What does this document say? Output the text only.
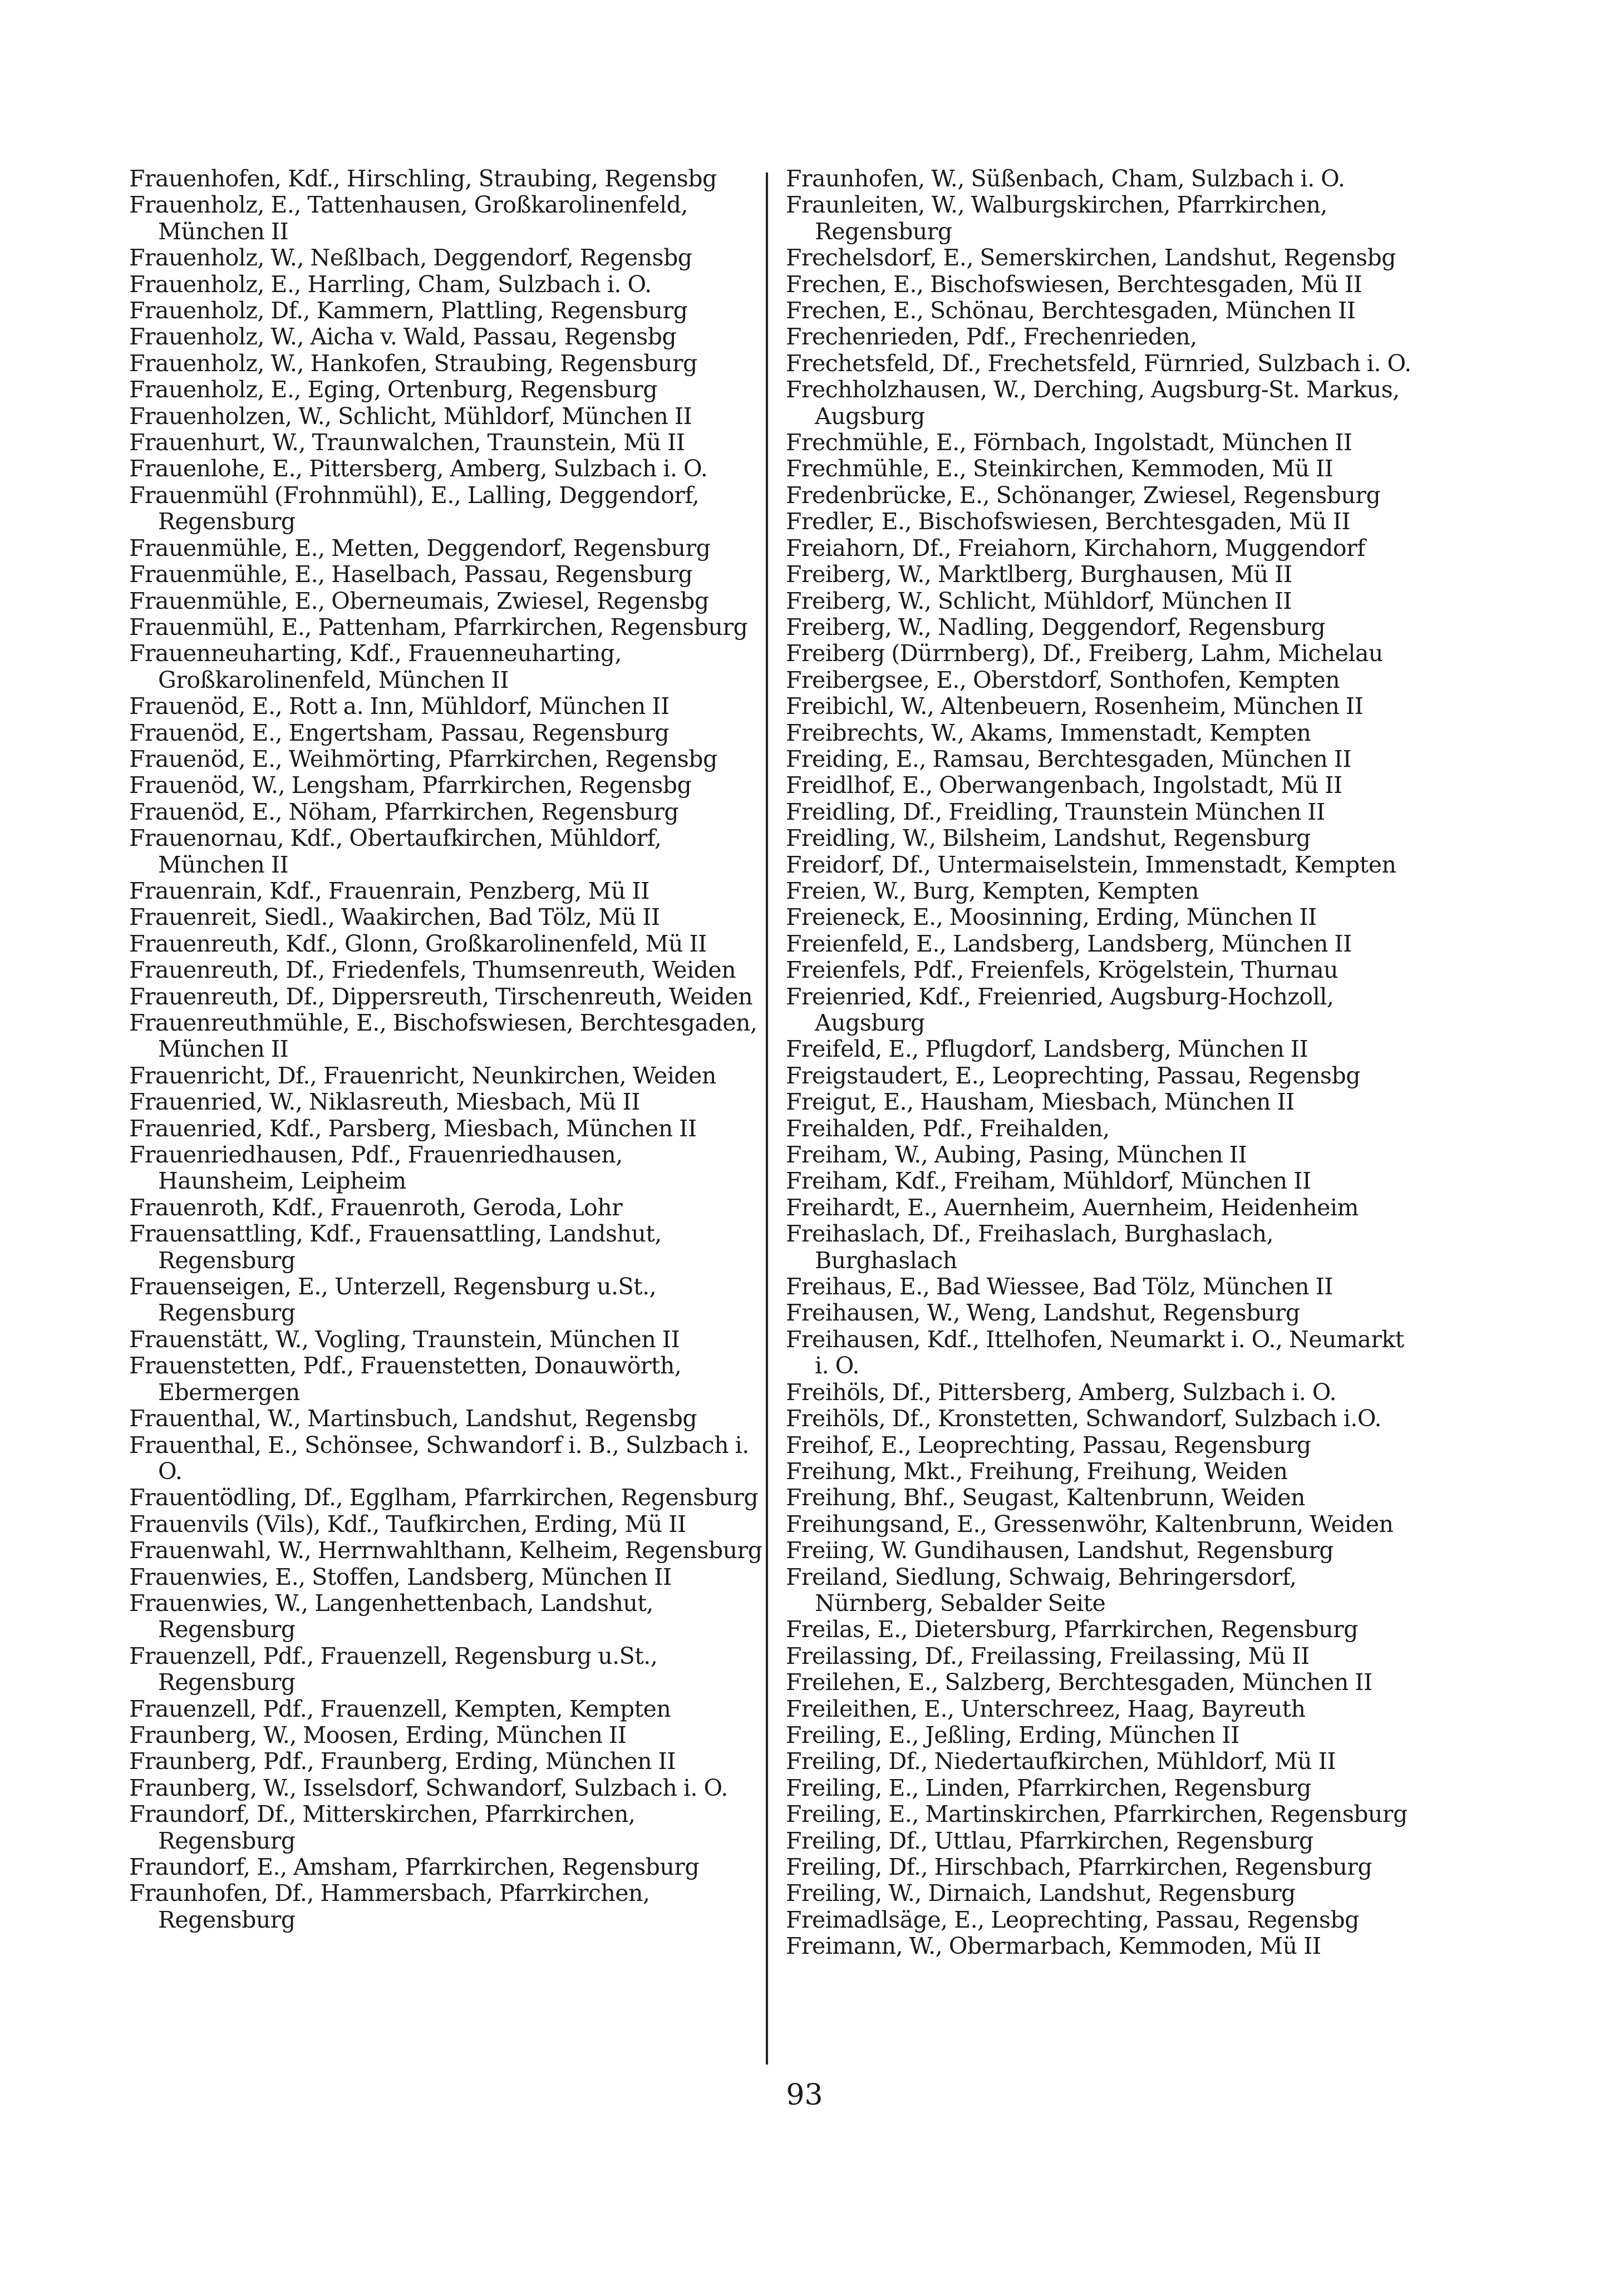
Frauenhofen, Kdf., Hirschling, Straubing, Regensbg

Frauenholz, E., Tattenhausen, Großkarolinenfeld, München II

Frauenholz, W., Neßlbach, Deggendorf, Regensbg

Frauenholz, E., Harrling, Cham, Sulzbach i. O.

Frauenholz, Df., Kammern, Plattling, Regensburg

Frauenholz, W., Aicha v. Wald, Passau, Regensbg

Frauenholz, W., Hankofen, Straubing, Regensburg

Frauenholz, E., Eging, Ortenburg, Regensburg

Frauenholzen, W., Schlicht, Mühldorf, München II

Frauenhurt, W., Traunwalchen, Traunstein, Mü II

Frauenlohe, E., Pittersberg, Amberg, Sulzbach i. O.

Frauenmühl (Frohnmühl), E., Lalling, Deggendorf, Regensburg

Frauenmühle, E., Metten, Deggendorf, Regensburg

Frauenmühle, E., Haselbach, Passau, Regensburg

Frauenmühle, E., Oberneumais, Zwiesel, Regensbg

Frauenmühl, E., Pattenham, Pfarrkirchen, Regensburg

Frauenneuharting, Kdf., Frauenneuharting, Großkarolinenfeld, München II

Frauenöd, E., Rott a. Inn, Mühldorf, München II

Frauenöd, E., Engertsham, Passau, Regensburg

Frauenöd, E., Weihmörting, Pfarrkirchen, Regensbg

Frauenöd, W., Lengsham, Pfarrkirchen, Regensbg

Frauenöd, E., Nöham, Pfarrkirchen, Regensburg

Frauenornau, Kdf., Obertaufkirchen, Mühldorf, München II

Frauenrain, Kdf., Frauenrain, Penzberg, Mü II

Frauenreit, Siedl., Waakirchen, Bad Tölz, Mü II

Frauenreuth, Kdf., Glonn, Großkarolinenfeld, Mü II

Frauenreuth, Df., Friedenfels, Thumsenreuth, Weiden

Frauenreuth, Df., Dippersreuth, Tirschenreuth, Weiden

Frauenreuthmühle, E., Bischofswiesen, Berchtesgaden, München II

Frauenricht, Df., Frauenricht, Neunkirchen, Weiden

Frauenried, W., Niklasreuth, Miesbach, Mü II

Frauenried, Kdf., Parsberg, Miesbach, München II

Frauenriedhausen, Pdf., Frauenriedhausen, Haunsheim, Leipheim

Frauenroth, Kdf., Frauenroth, Geroda, Lohr

Frauensattling, Kdf., Frauensattling, Landshut, Regensburg

Frauenseigen, E., Unterzell, Regensburg u.St., Regensburg

Frauenstätt, W., Vogling, Traunstein, München II

Frauenstetten, Pdf., Frauenstetten, Donauwörth, Ebermergen

Frauenthal, W., Martinsbuch, Landshut, Regensbg

Frauenthal, E., Schönsee, Schwandorf i. B., Sulzbach i. O.

Frauentödling, Df., Egglham, Pfarrkirchen, Regensburg

Frauenvils (Vils), Kdf., Taufkirchen, Erding, Mü II

Frauenwahl, W., Herrnwahlthann, Kelheim, Regensburg

Frauenwies, E., Stoffen, Landsberg, München II

Frauenwies, W., Langenhettenbach, Landshut, Regensburg

Frauenzell, Pdf., Frauenzell, Regensburg u.St., Regensburg

Frauenzell, Pdf., Frauenzell, Kempten, Kempten

Fraunberg, W., Moosen, Erding, München II

Fraunberg, Pdf., Fraunberg, Erding, München II

Fraunberg, W., Isselsdorf, Schwandorf, Sulzbach i. O.

Fraundorf, Df., Mitterskirchen, Pfarrkirchen, Regensburg

Fraundorf, E., Amsham, Pfarrkirchen, Regensburg

Fraunhofen, Df., Hammersbach, Pfarrkirchen, Regensburg

Fraunhofen, W., Süßenbach, Cham, Sulzbach i. O.

Fraunleiten, W., Walburgskirchen, Pfarrkirchen, Regensburg

Frechelsdorf, E., Semerskirchen, Landshut, Regensbg

Frechen, E., Bischofswiesen, Berchtesgaden, Mü II

Frechen, E., Schönau, Berchtesgaden, München II

Frechenrieden, Pdf., Frechenrieden,

Frechetsfeld, Df., Frechetsfeld, Fürnried, Sulzbach i. O.

Frechholzhausen, W., Derching, Augsburg-St. Markus, Augsburg

Frechmühle, E., Förnbach, Ingolstadt, München II

Frechmühle, E., Steinkirchen, Kemmoden, Mü II

Fredenbrücke, E., Schönanger, Zwiesel, Regensburg

Fredler, E., Bischofswiesen, Berchtesgaden, Mü II

Freiahorn, Df., Freiahorn, Kirchahorn, Muggendorf

Freiberg, W., Marktlberg, Burghausen, Mü II

Freiberg, W., Schlicht, Mühldorf, München II

Freiberg, W., Nadling, Deggendorf, Regensburg

Freiberg (Dürrnberg), Df., Freiberg, Lahm, Michelau

Freibergsee, E., Oberstdorf, Sonthofen, Kempten

Freibichl, W., Altenbeuern, Rosenheim, München II

Freibrechts, W., Akams, Immenstadt, Kempten

Freiding, E., Ramsau, Berchtesgaden, München II

Freidlhof, E., Oberwangenbach, Ingolstadt, Mü II

Freidling, Df., Freidling, Traunstein München II

Freidling, W., Bilsheim, Landshut, Regensburg

Freidorf, Df., Untermaiselstein, Immenstadt, Kempten

Freien, W., Burg, Kempten, Kempten

Freieneck, E., Moosinning, Erding, München II

Freienfeld, E., Landsberg, Landsberg, München II

Freienfels, Pdf., Freienfels, Krögelstein, Thurnau

Freienried, Kdf., Freienried, Augsburg-Hochzoll, Augsburg

Freifeld, E., Pflugdorf, Landsberg, München II

Freigstaudert, E., Leoprechting, Passau, Regensbg

Freigut, E., Hausham, Miesbach, München II

Freihalden, Pdf., Freihalden,

Freiham, W., Aubing, Pasing, München II

Freiham, Kdf., Freiham, Mühldorf, München II

Freihardt, E., Auernheim, Auernheim, Heidenheim

Freihaslach, Df., Freihaslach, Burghaslach, Burghaslach

Freihaus, E., Bad Wiessee, Bad Tölz, München II

Freihausen, W., Weng, Landshut, Regensburg

Freihausen, Kdf., Ittelhofen, Neumarkt i. O., Neumarkt i. O.

Freihöls, Df., Pittersberg, Amberg, Sulzbach i. O.

Freihöls, Df., Kronstetten, Schwandorf, Sulzbach i.O.

Freihof, E., Leoprechting, Passau, Regensburg

Freihung, Mkt., Freihung, Freihung, Weiden

Freihung, Bhf., Seugast, Kaltenbrunn, Weiden

Freihungsand, E., Gressenwöhr, Kaltenbrunn, Weiden

Freiing, W. Gundihausen, Landshut, Regensburg

Freiland, Siedlung, Schwaig, Behringersdorf, Nürnberg, Sebalder Seite

Freilas, E., Dietersburg, Pfarrkirchen, Regensburg

Freilassing, Df., Freilassing, Freilassing, Mü II

Freilehen, E., Salzberg, Berchtesgaden, München II

Freileithen, E., Unterschreez, Haag, Bayreuth

Freiling, E., Jeßling, Erding, München II

Freiling, Df., Niedertaufkirchen, Mühldorf, Mü II

Freiling, E., Linden, Pfarrkirchen, Regensburg

Freiling, E., Martinskirchen, Pfarrkirchen, Regensburg

Freiling, Df., Uttlau, Pfarrkirchen, Regensburg

Freiling, Df., Hirschbach, Pfarrkirchen, Regensburg

Freiling, W., Dirnaich, Landshut, Regensburg

Freimadlsäge, E., Leoprechting, Passau, Regensbg

Freimann, W., Obermarbach, Kemmoden, Mü II

93
